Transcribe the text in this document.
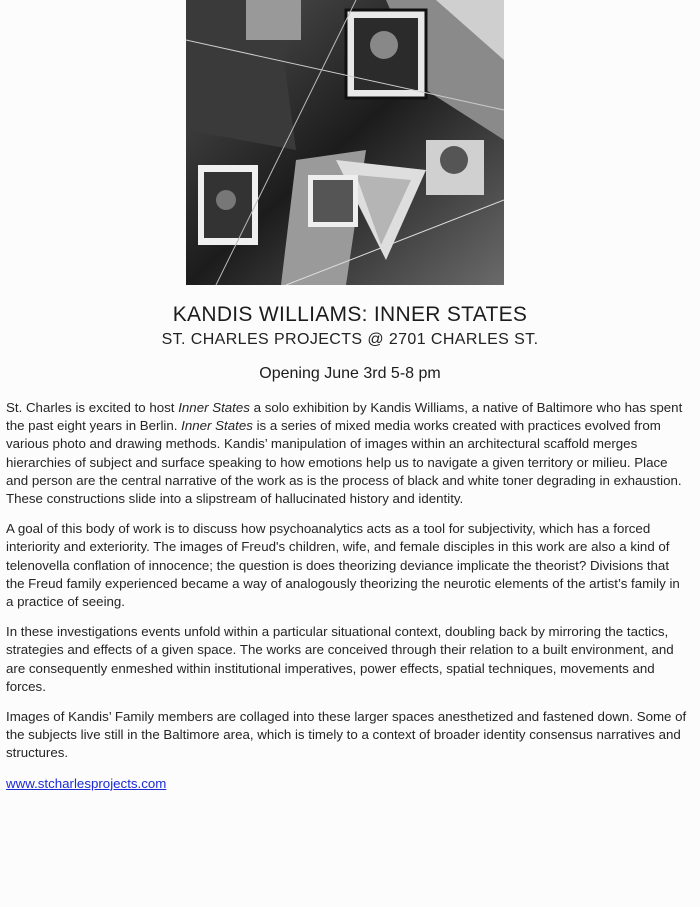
KANDIS WILLIAMS: INNER STATES
ST. CHARLES PROJECTS @ 2701 CHARLES ST.
Opening June 3rd 5-8 pm

St. Charles is excited to host Inner States a solo exhibition by Kandis Williams, a native of Baltimore who has spent the past eight years in Berlin. Inner States is a series of mixed media works created with practices evolved from various photo and drawing methods. Kandis’ manipulation of images within an architectural scaffold merges hierarchies of subject and surface speaking to how emotions help us to navigate a given territory or milieu. Place and person are the central narrative of the work as is the process of black and white toner degrading in exhaustion. These constructions slide into a slipstream of hallucinated history and identity.

A goal of this body of work is to discuss how psychoanalytics acts as a tool for subjectivity, which has a forced interiority and exteriority. The images of Freud's children, wife, and female disciples in this work are also a kind of telenovella conflation of innocence; the question is does theorizing deviance implicate the theorist? Divisions that the Freud family experienced became a way of analogously theorizing the neurotic elements of the artist’s family in a practice of seeing.

In these investigations events unfold within a particular situational context, doubling back by mirroring the tactics, strategies and effects of a given space. The works are conceived through their relation to a built environment, and are consequently enmeshed within institutional imperatives, power effects, spatial techniques, movements and forces.

Images of Kandis’ Family members are collaged into these larger spaces anesthetized and fastened down. Some of the subjects live still in the Baltimore area, which is timely to a context of broader identity consensus narratives and structures.

www.stcharlesprojects.com
